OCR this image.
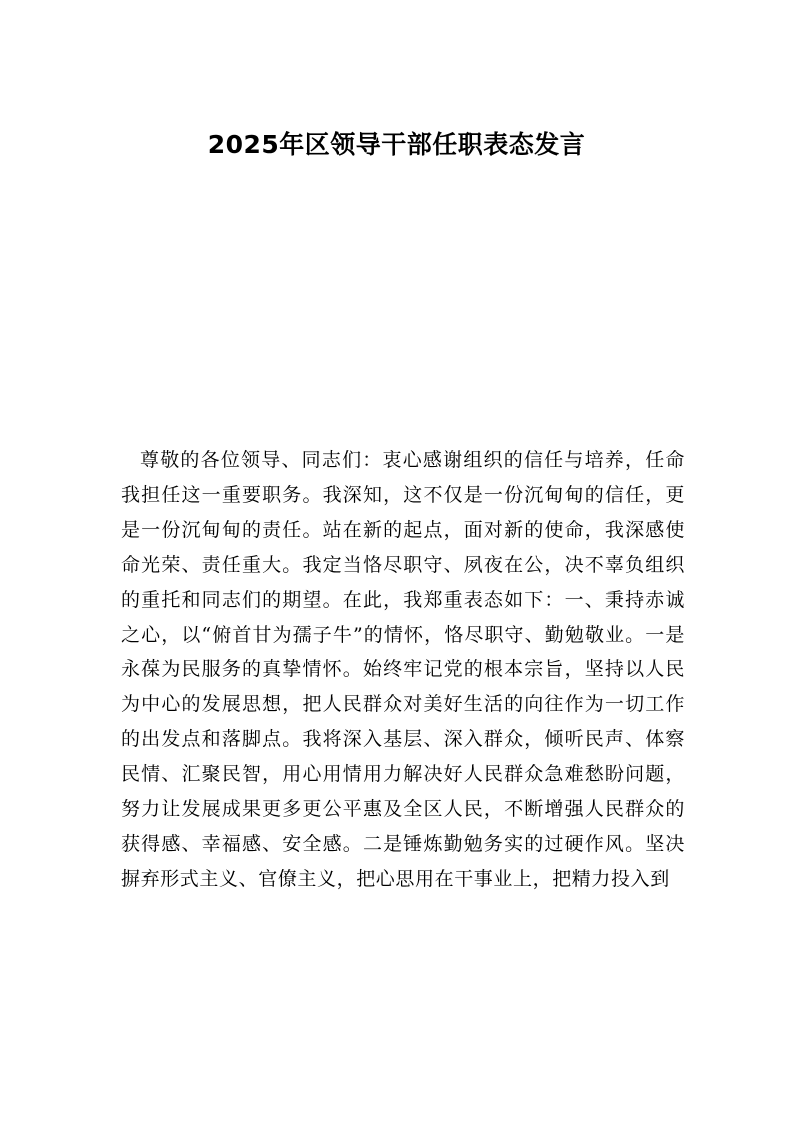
2025年区领导干部任职表态发言

尊敬的各位领导、同志们：衷心感谢组织的信任与培养，任命我担任这一重要职务。我深知，这不仅是一份沉甸甸的信任，更是一份沉甸甸的责任。站在新的起点，面对新的使命，我深感使命光荣、责任重大。我定当恪尽职守、夙夜在公，决不辜负组织的重托和同志们的期望。在此，我郑重表态如下：一、秉持赤诚之心，以“俯首甘为孺子牛”的情怀，恪尽职守、勤勉敬业。一是永葆为民服务的真挚情怀。始终牢记党的根本宗旨，坚持以人民为中心的发展思想，把人民群众对美好生活的向往作为一切工作的出发点和落脚点。我将深入基层、深入群众，倾听民声、体察民情、汇聚民智，用心用情用力解决好人民群众急难愁盼问题，努力让发展成果更多更公平惠及全区人民，不断增强人民群众的获得感、幸福感、安全感。二是锤炼勤勉务实的过硬作风。坚决摒弃形式主义、官僚主义，把心思用在干事业上，把精力投入到
